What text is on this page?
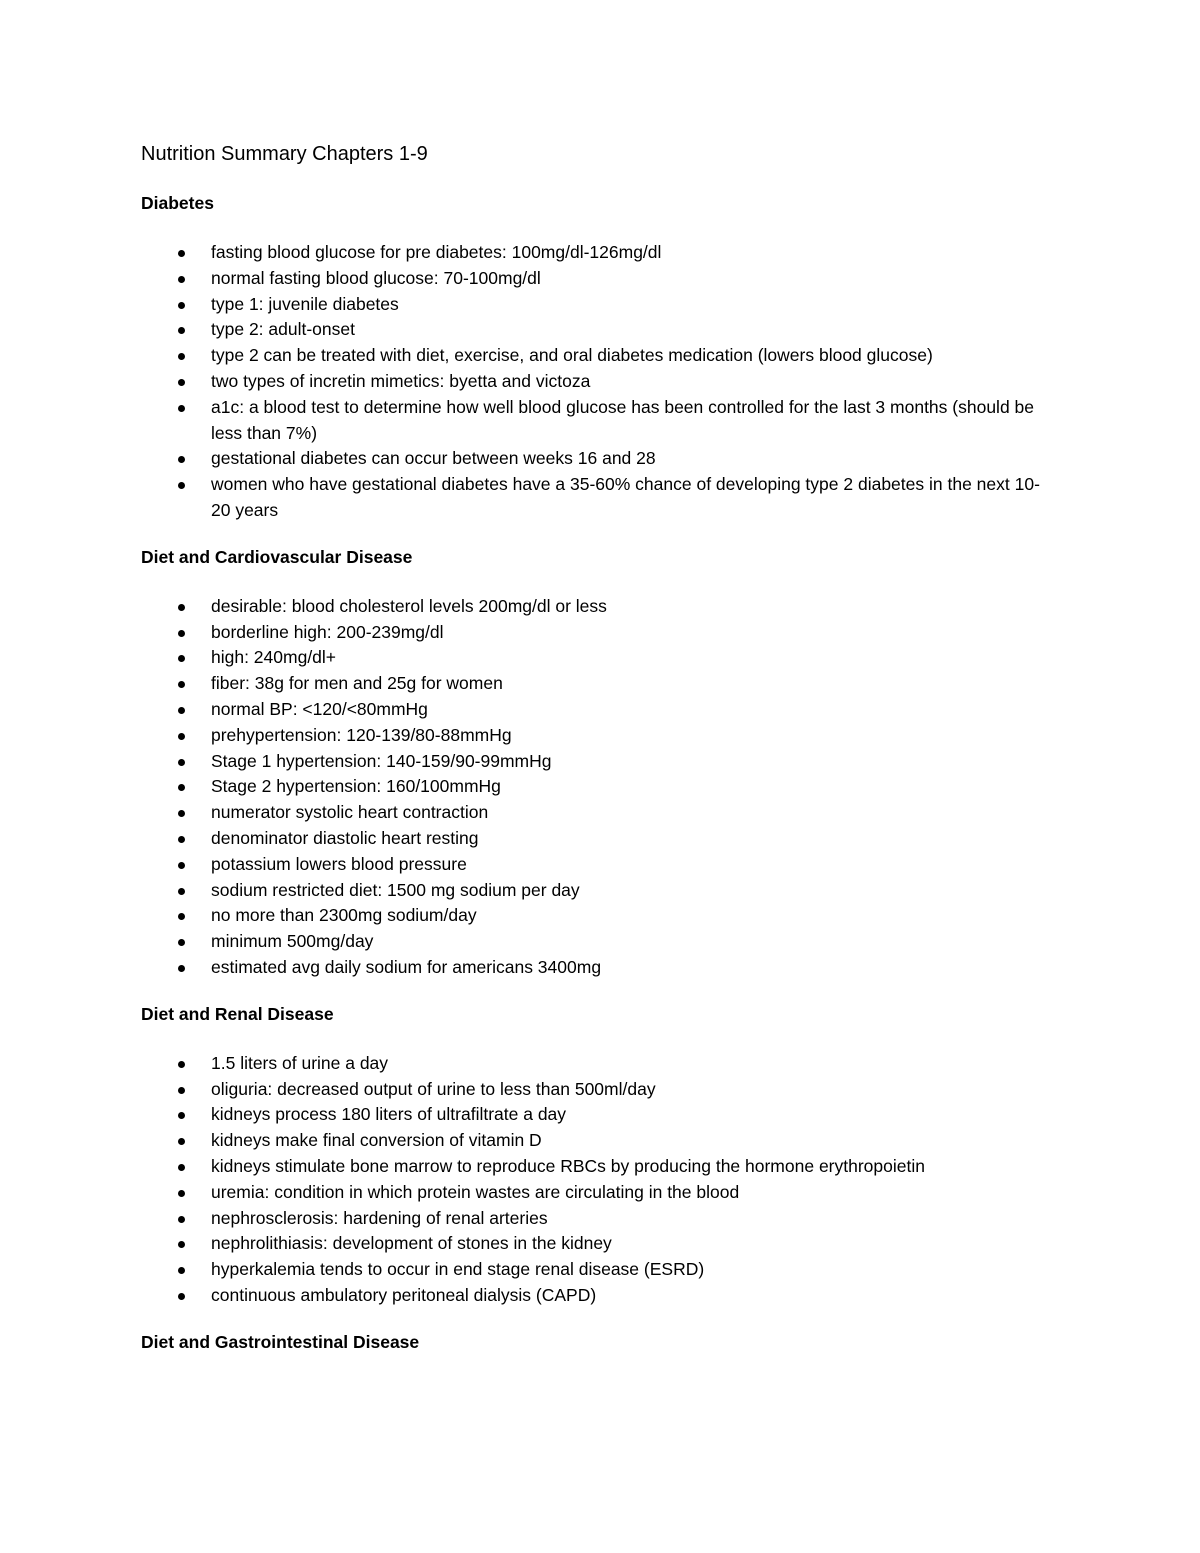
Nutrition Summary Chapters 1-9
Diabetes
fasting blood glucose for pre diabetes: 100mg/dl-126mg/dl
normal fasting blood glucose: 70-100mg/dl
type 1: juvenile diabetes
type 2: adult-onset
type 2 can be treated with diet, exercise, and oral diabetes medication (lowers blood glucose)
two types of incretin mimetics: byetta and victoza
a1c: a blood test to determine how well blood glucose has been controlled for the last 3 months (should be less than 7%)
gestational diabetes can occur between weeks 16 and 28
women who have gestational diabetes have a 35-60% chance of developing type 2 diabetes in the next 10-20 years
Diet and Cardiovascular Disease
desirable: blood cholesterol levels 200mg/dl or less
borderline high: 200-239mg/dl
high: 240mg/dl+
fiber: 38g for men and 25g for women
normal BP: <120/<80mmHg
prehypertension: 120-139/80-88mmHg
Stage 1 hypertension: 140-159/90-99mmHg
Stage 2 hypertension: 160/100mmHg
numerator systolic heart contraction
denominator diastolic heart resting
potassium lowers blood pressure
sodium restricted diet: 1500 mg sodium per day
no more than 2300mg sodium/day
minimum 500mg/day
estimated avg daily sodium for americans 3400mg
Diet and Renal Disease
1.5 liters of urine a day
oliguria: decreased output of urine to less than 500ml/day
kidneys process 180 liters of ultrafiltrate a day
kidneys make final conversion of vitamin D
kidneys stimulate bone marrow to reproduce RBCs by producing the hormone erythropoietin
uremia: condition in which protein wastes are circulating in the blood
nephrosclerosis: hardening of renal arteries
nephrolithiasis: development of stones in the kidney
hyperkalemia tends to occur in end stage renal disease (ESRD)
continuous ambulatory peritoneal dialysis (CAPD)
Diet and Gastrointestinal Disease
